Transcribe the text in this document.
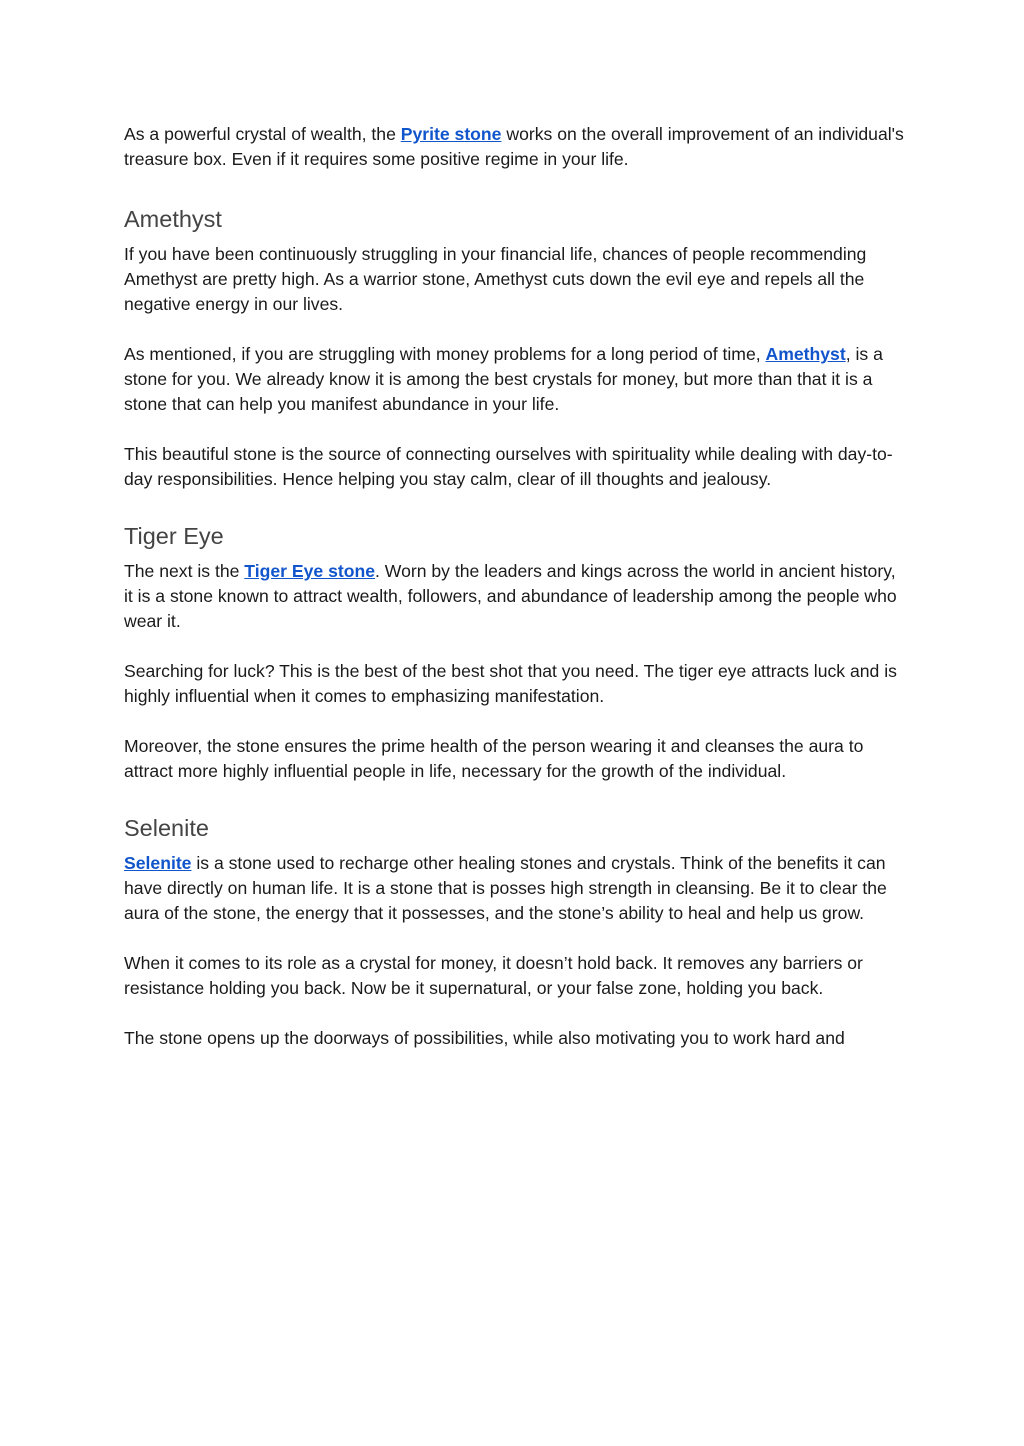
As a powerful crystal of wealth, the Pyrite stone works on the overall improvement of an individual's treasure box. Even if it requires some positive regime in your life.

Amethyst

If you have been continuously struggling in your financial life, chances of people recommending Amethyst are pretty high. As a warrior stone, Amethyst cuts down the evil eye and repels all the negative energy in our lives.

As mentioned, if you are struggling with money problems for a long period of time, Amethyst, is a stone for you. We already know it is among the best crystals for money, but more than that it is a stone that can help you manifest abundance in your life.

This beautiful stone is the source of connecting ourselves with spirituality while dealing with day-to-day responsibilities. Hence helping you stay calm, clear of ill thoughts and jealousy.

Tiger Eye

The next is the Tiger Eye stone. Worn by the leaders and kings across the world in ancient history, it is a stone known to attract wealth, followers, and abundance of leadership among the people who wear it.

Searching for luck? This is the best of the best shot that you need. The tiger eye attracts luck and is highly influential when it comes to emphasizing manifestation.

Moreover, the stone ensures the prime health of the person wearing it and cleanses the aura to attract more highly influential people in life, necessary for the growth of the individual.

Selenite

Selenite is a stone used to recharge other healing stones and crystals. Think of the benefits it can have directly on human life. It is a stone that is posses high strength in cleansing. Be it to clear the aura of the stone, the energy that it possesses, and the stone’s ability to heal and help us grow.

When it comes to its role as a crystal for money, it doesn’t hold back. It removes any barriers or resistance holding you back. Now be it supernatural, or your false zone, holding you back.

The stone opens up the doorways of possibilities, while also motivating you to work hard and
